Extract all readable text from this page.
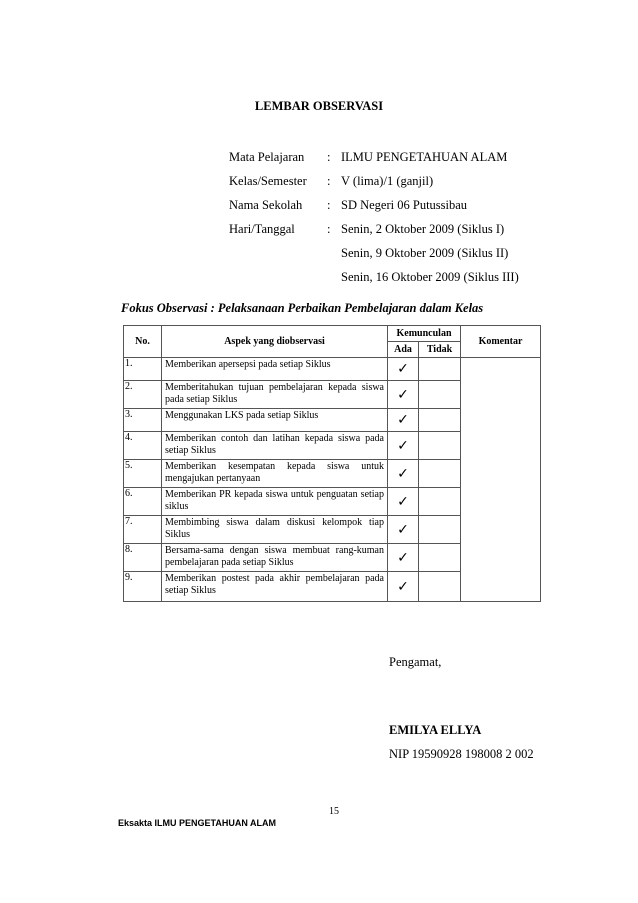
LEMBAR OBSERVASI
Mata Pelajaran : ILMU PENGETAHUAN ALAM
Kelas/Semester : V (lima)/1 (ganjil)
Nama Sekolah : SD Negeri 06 Putussibau
Hari/Tanggal	: Senin, 2 Oktober 2009 (Siklus I)
Senin, 9 Oktober 2009 (Siklus II)
Senin, 16 Oktober 2009 (Siklus III)
Fokus Observasi : Pelaksanaan Perbaikan Pembelajaran dalam Kelas
No.	Aspek yang diobservasi	Kemunculan		Komentar
		Ada	Tidak	
1.	Memberikan apersepsi pada setiap Siklus	✓		
2.	Memberitahukan tujuan pembelajaran kepada siswa pada setiap Siklus	✓		
3.	Menggunakan LKS pada setiap Siklus	✓		
4.	Memberikan contoh dan latihan kepada siswa pada setiap Siklus	✓		
5.	Memberikan kesempatan kepada siswa untuk mengajukan pertanyaan	✓		
6.	Memberikan PR kepada siswa untuk penguatan setiap siklus	✓		
7.	Membimbing siswa dalam diskusi kelompok tiap Siklus	✓		
8.	Bersama-sama dengan siswa membuat rang-kuman pembelajaran pada setiap Siklus	✓		
9.	Memberikan postest pada akhir pembelajaran pada setiap Siklus	✓		
Pengamat,
EMILYA ELLYA
NIP 19590928 198008 2 002
Eksakta ILMU PENGETAHUAN ALAM
15
